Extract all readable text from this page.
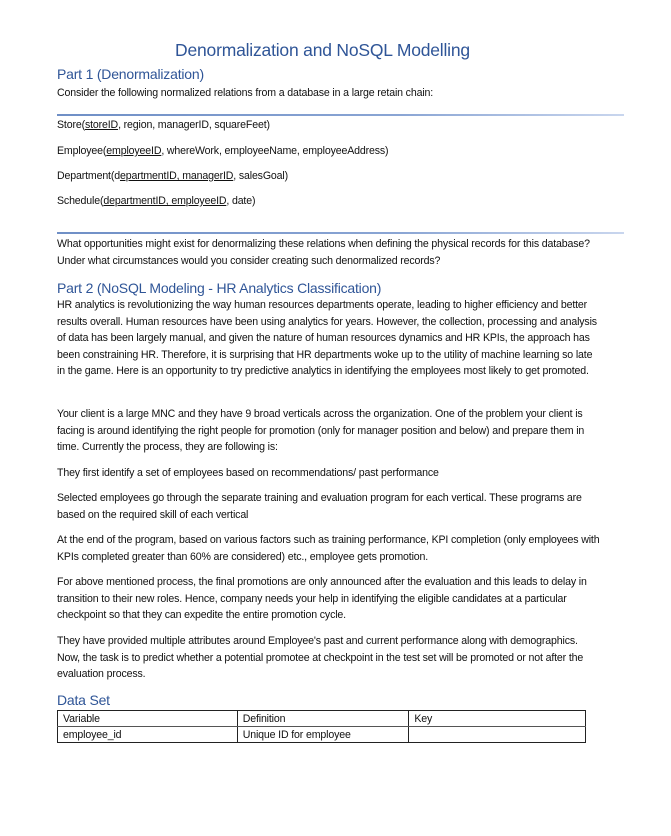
Denormalization and NoSQL Modelling
Part 1 (Denormalization)

Consider the following normalized relations from a database in a large retain chain:

Store(storeID, region, managerID, squareFeet)
Employee(employeeID, whereWork, employeeName, employeeAddress)
Department(departmentID, managerID, salesGoal)
Schedule(departmentID, employeeID, date)

What opportunities might exist for denormalizing these relations when defining the physical records for this database? Under what circumstances would you consider creating such denormalized records?

Part 2 (NoSQL Modeling - HR Analytics Classification)

HR analytics is revolutionizing the way human resources departments operate, leading to higher efficiency and better results overall. Human resources have been using analytics for years. However, the collection, processing and analysis of data has been largely manual, and given the nature of human resources dynamics and HR KPIs, the approach has been constraining HR. Therefore, it is surprising that HR departments woke up to the utility of machine learning so late in the game. Here is an opportunity to try predictive analytics in identifying the employees most likely to get promoted.

Your client is a large MNC and they have 9 broad verticals across the organization. One of the problem your client is facing is around identifying the right people for promotion (only for manager position and below) and prepare them in time. Currently the process, they are following is:

They first identify a set of employees based on recommendations/ past performance

Selected employees go through the separate training and evaluation program for each vertical. These programs are based on the required skill of each vertical

At the end of the program, based on various factors such as training performance, KPI completion (only employees with KPIs completed greater than 60% are considered) etc., employee gets promotion.

For above mentioned process, the final promotions are only announced after the evaluation and this leads to delay in transition to their new roles. Hence, company needs your help in identifying the eligible candidates at a particular checkpoint so that they can expedite the entire promotion cycle.

They have provided multiple attributes around Employee's past and current performance along with demographics. Now, the task is to predict whether a potential promotee at checkpoint in the test set will be promoted or not after the evaluation process.

Data Set
Variable	Definition	Key
employee_id	Unique ID for employee	
